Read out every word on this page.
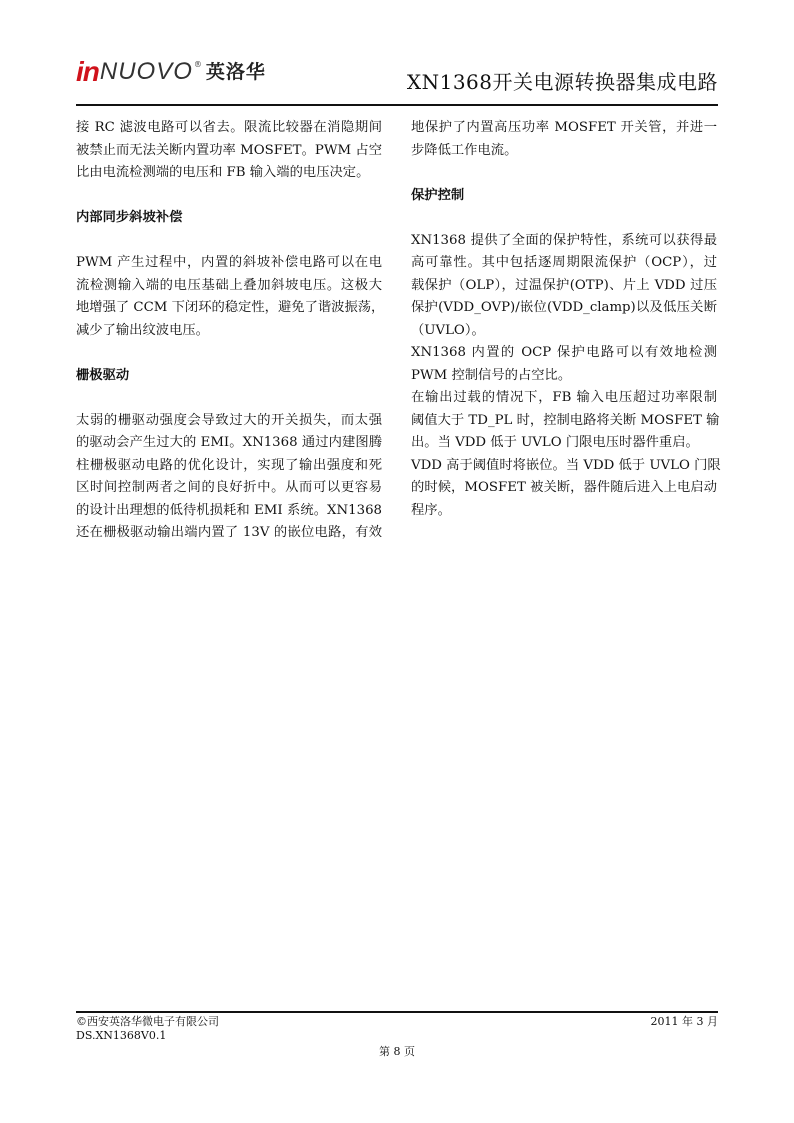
in NUOVO ® 英洛华	XN1368开关电源转换器集成电路

接 RC 滤波电路可以省去。限流比较器在消隐期间
被禁止而无法关断内置功率 MOSFET。PWM 占空
比由电流检测端的电压和 FB 输入端的电压决定。

内部同步斜坡补偿

PWM 产生过程中，内置的斜坡补偿电路可以在电
流检测输入端的电压基础上叠加斜坡电压。这极大
地增强了 CCM 下闭环的稳定性，避免了谐波振荡，
减少了输出纹波电压。

栅极驱动

太弱的栅驱动强度会导致过大的开关损失，而太强
的驱动会产生过大的 EMI。XN1368 通过内建图腾
柱栅极驱动电路的优化设计，实现了输出强度和死
区时间控制两者之间的良好折中。从而可以更容易
的设计出理想的低待机损耗和 EMI 系统。XN1368
还在栅极驱动输出端内置了 13V 的嵌位电路，有效

地保护了内置高压功率 MOSFET 开关管，并进一
步降低工作电流。

保护控制

XN1368 提供了全面的保护特性，系统可以获得最
高可靠性。其中包括逐周期限流保护（OCP），过
载保护（OLP），过温保护(OTP)、片上 VDD 过压
保护(VDD_OVP)/嵌位(VDD_clamp)以及低压关断
（UVLO）。
XN1368 内置的 OCP 保护电路可以有效地检测
PWM 控制信号的占空比。
在输出过载的情况下，FB 输入电压超过功率限制
阈值大于 TD_PL 时，控制电路将关断 MOSFET 输
出。当 VDD 低于 UVLO 门限电压时器件重启。
VDD 高于阈值时将嵌位。当 VDD 低于 UVLO 门限
的时候，MOSFET 被关断，器件随后进入上电启动
程序。

©西安英洛华微电子有限公司
DS.XN1368V0.1
2011 年 3 月
第 8 页
